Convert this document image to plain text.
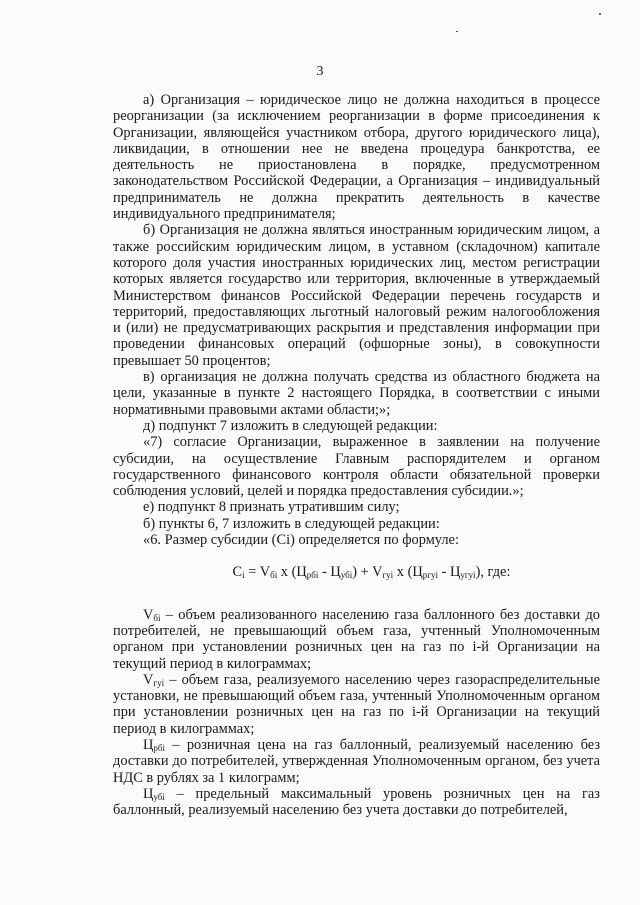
3

а) Организация – юридическое лицо не должна находиться в процессе реорганизации (за исключением реорганизации в форме присоединения к Организации, являющейся участником отбора, другого юридического лица), ликвидации, в отношении нее не введена процедура банкротства, ее деятельность не приостановлена в порядке, предусмотренном законодательством Российской Федерации, а Организация – индивидуальный предприниматель не должна прекратить деятельность в качестве индивидуального предпринимателя;

б) Организация не должна являться иностранным юридическим лицом, а также российским юридическим лицом, в уставном (складочном) капитале которого доля участия иностранных юридических лиц, местом регистрации которых является государство или территория, включенные в утверждаемый Министерством финансов Российской Федерации перечень государств и территорий, предоставляющих льготный налоговый режим налогообложения и (или) не предусматривающих раскрытия и представления информации при проведении финансовых операций (офшорные зоны), в совокупности превышает 50 процентов;

в) организация не должна получать средства из областного бюджета на цели, указанные в пункте 2 настоящего Порядка, в соответствии с иными нормативными правовыми актами области;»;

д) подпункт 7 изложить в следующей редакции:

«7) согласие Организации, выраженное в заявлении на получение субсидии, на осуществление Главным распорядителем и органом государственного финансового контроля области обязательной проверки соблюдения условий, целей и порядка предоставления субсидии.»;

е) подпункт 8 признать утратившим силу;

б) пункты 6, 7 изложить в следующей редакции:

«6. Размер субсидии (Ci) определяется по формуле:

$C_i = V_{бi}$ x $(Ц_{рбi} - Ц_{убi}) + V_{гуi}$ x $(Ц_{ргуi} - Ц_{угуi})$, где:

$V_{бi}$ – объем реализованного населению газа баллонного без доставки до потребителей, не превышающий объем газа, учтенный Уполномоченным органом при установлении розничных цен на газ по i-й Организации на текущий период в килограммах;

$V_{гуi}$ – объем газа, реализуемого населению через газораспределительные установки, не превышающий объем газа, учтенный Уполномоченным органом при установлении розничных цен на газ по i-й Организации на текущий период в килограммах;

$Ц_{рбi}$ – розничная цена на газ баллонный, реализуемый населению без доставки до потребителей, утвержденная Уполномоченным органом, без учета НДС в рублях за 1 килограмм;

$Ц_{убi}$ – предельный максимальный уровень розничных цен на газ баллонный, реализуемый населению без учета доставки до потребителей,
